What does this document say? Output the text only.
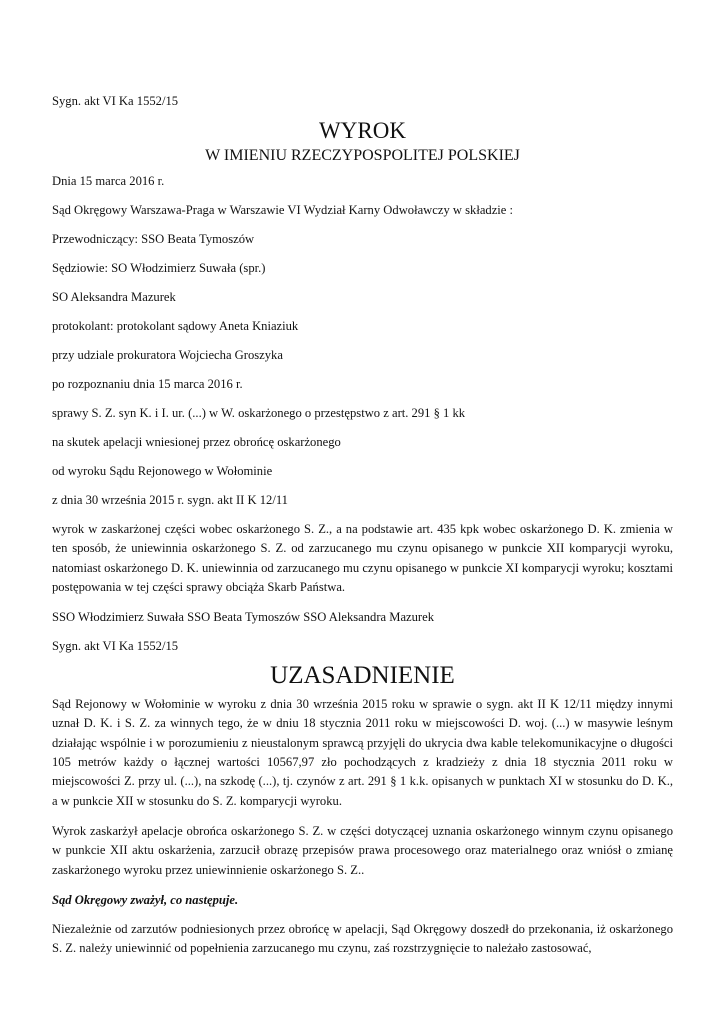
Sygn. akt VI Ka 1552/15

WYROK

W IMIENIU RZECZYPOSPOLITEJ POLSKIEJ

Dnia 15 marca 2016 r.

Sąd Okręgowy Warszawa-Praga w Warszawie VI Wydział Karny Odwoławczy w składzie :

Przewodniczący: SSO Beata Tymoszów

Sędziowie: SO Włodzimierz Suwała (spr.)

SO Aleksandra Mazurek

protokolant: protokolant sądowy Aneta Kniaziuk

przy udziale prokuratora Wojciecha Groszyka

po rozpoznaniu dnia 15 marca 2016 r.

sprawy S. Z. syn K. i I. ur. (...) w W. oskarżonego o przestępstwo z art. 291 § 1 kk

na skutek apelacji wniesionej przez obrońcę oskarżonego

od wyroku Sądu Rejonowego w Wołominie

z dnia 30 września 2015 r. sygn. akt II K 12/11

wyrok w zaskarżonej części wobec oskarżonego S. Z., a na podstawie art. 435 kpk wobec oskarżonego D. K. zmienia w ten sposób, że uniewinnia oskarżonego S. Z. od zarzucanego mu czynu opisanego w punkcie XII komparycji wyroku, natomiast oskarżonego D. K. uniewinnia od zarzucanego mu czynu opisanego w punkcie XI komparycji wyroku; kosztami postępowania w tej części sprawy obciąża Skarb Państwa.

SSO Włodzimierz Suwała SSO Beata Tymoszów SSO Aleksandra Mazurek

Sygn. akt VI Ka 1552/15

UZASADNIENIE

Sąd Rejonowy w Wołominie w wyroku z dnia 30 września 2015 roku w sprawie o sygn. akt II K 12/11 między innymi uznał D. K. i S. Z. za winnych tego, że w dniu 18 stycznia 2011 roku w miejscowości D. woj. (...) w masywie leśnym działając wspólnie i w porozumieniu z nieustalonym sprawcą przyjęli do ukrycia dwa kable telekomunikacyjne o długości 105 metrów każdy o łącznej wartości 10567,97 zło pochodzących z kradzieży z dnia 18 stycznia 2011 roku w miejscowości Z. przy ul. (...), na szkodę (...), tj. czynów z art. 291 § 1 k.k. opisanych w punktach XI w stosunku do D. K., a w punkcie XII w stosunku do S. Z. komparycji wyroku.

Wyrok zaskarżył apelacje obrońca oskarżonego S. Z. w części dotyczącej uznania oskarżonego winnym czynu opisanego w punkcie XII aktu oskarżenia, zarzucił obrazę przepisów prawa procesowego oraz materialnego oraz wniósł o zmianę zaskarżonego wyroku przez uniewinnienie oskarżonego S. Z..

Sąd Okręgowy zważył, co następuje.

Niezależnie od zarzutów podniesionych przez obrońcę w apelacji, Sąd Okręgowy doszedł do przekonania, iż oskarżonego S. Z. należy uniewinnić od popełnienia zarzucanego mu czynu, zaś rozstrzygnięcie to należało zastosować,
